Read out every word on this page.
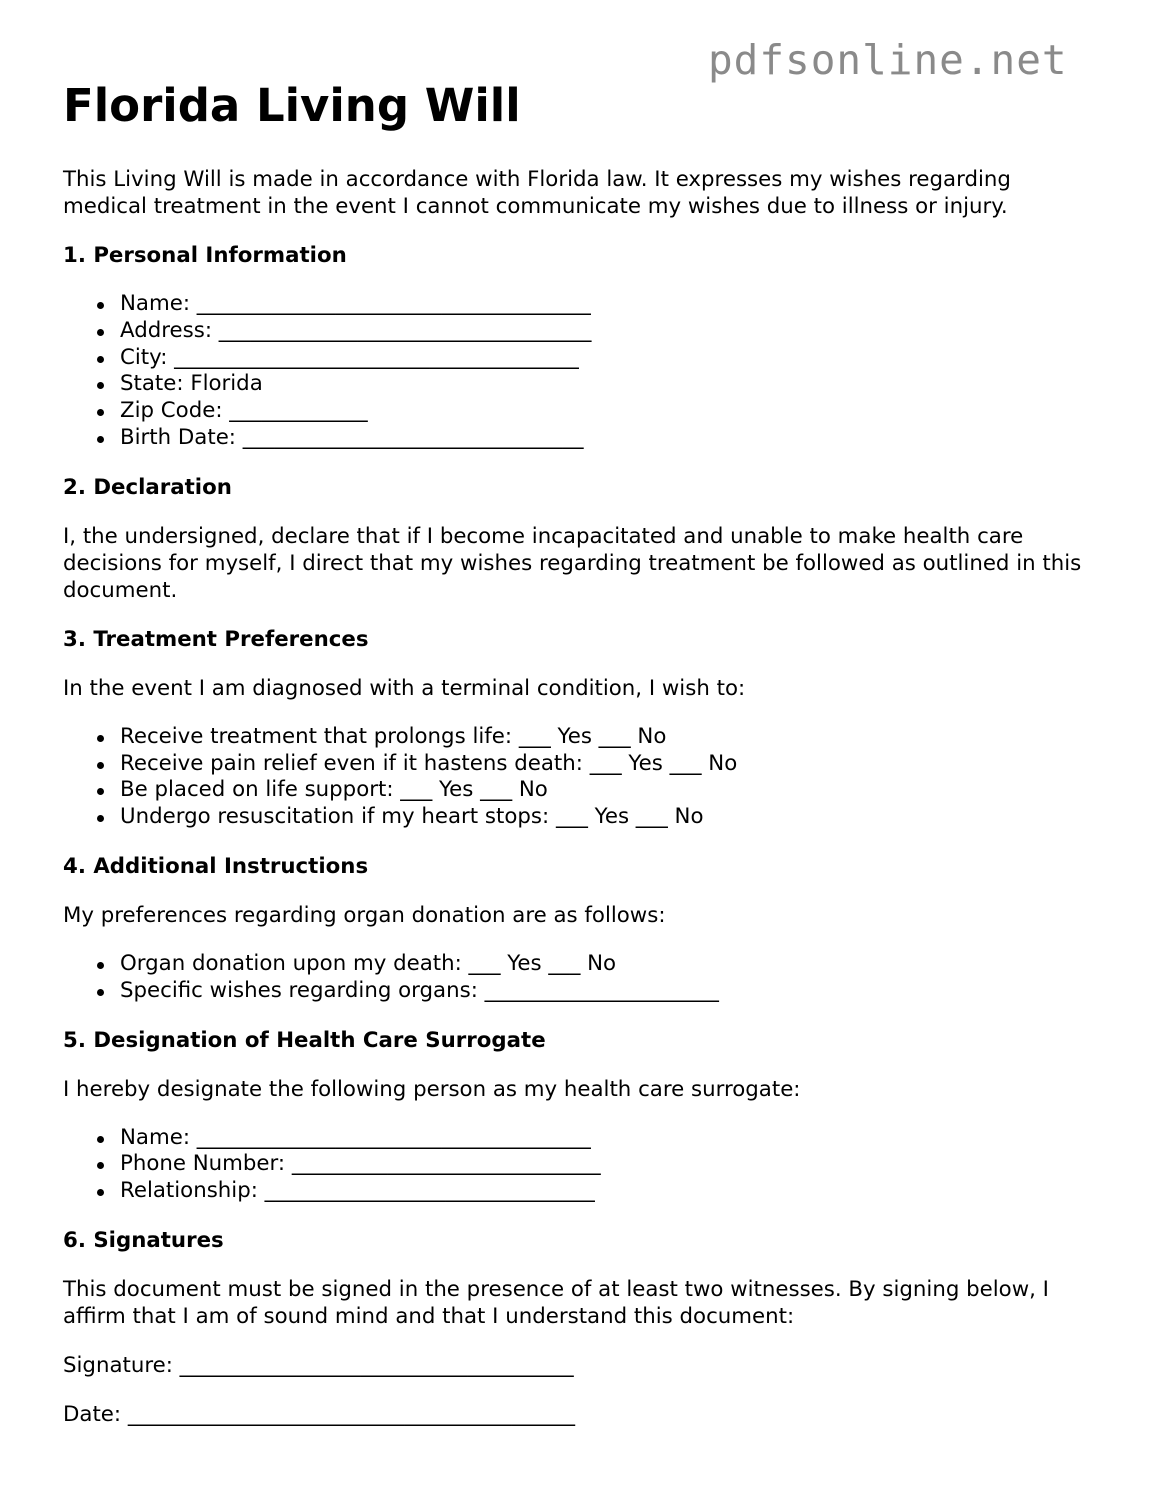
pdfsonline.net
Florida Living Will

This Living Will is made in accordance with Florida law. It expresses my wishes regarding medical treatment in the event I cannot communicate my wishes due to illness or injury.

1. Personal Information
Name: _____________________________________
Address: ___________________________________
City: ______________________________________
State: Florida
Zip Code: _____________
Birth Date: ________________________________
2. Declaration

I, the undersigned, declare that if I become incapacitated and unable to make health care decisions for myself, I direct that my wishes regarding treatment be followed as outlined in this document.

3. Treatment Preferences

In the event I am diagnosed with a terminal condition, I wish to:

Receive treatment that prolongs life: ___ Yes ___ No
Receive pain relief even if it hastens death: ___ Yes ___ No
Be placed on life support: ___ Yes ___ No
Undergo resuscitation if my heart stops: ___ Yes ___ No
4. Additional Instructions

My preferences regarding organ donation are as follows:

Organ donation upon my death: ___ Yes ___ No
Specific wishes regarding organs: ______________________
5. Designation of Health Care Surrogate

I hereby designate the following person as my health care surrogate:

Name: _____________________________________
Phone Number: _____________________________
Relationship: _______________________________
6. Signatures

This document must be signed in the presence of at least two witnesses. By signing below, I affirm that I am of sound mind and that I understand this document:

Signature: _____________________________________

Date: __________________________________________
